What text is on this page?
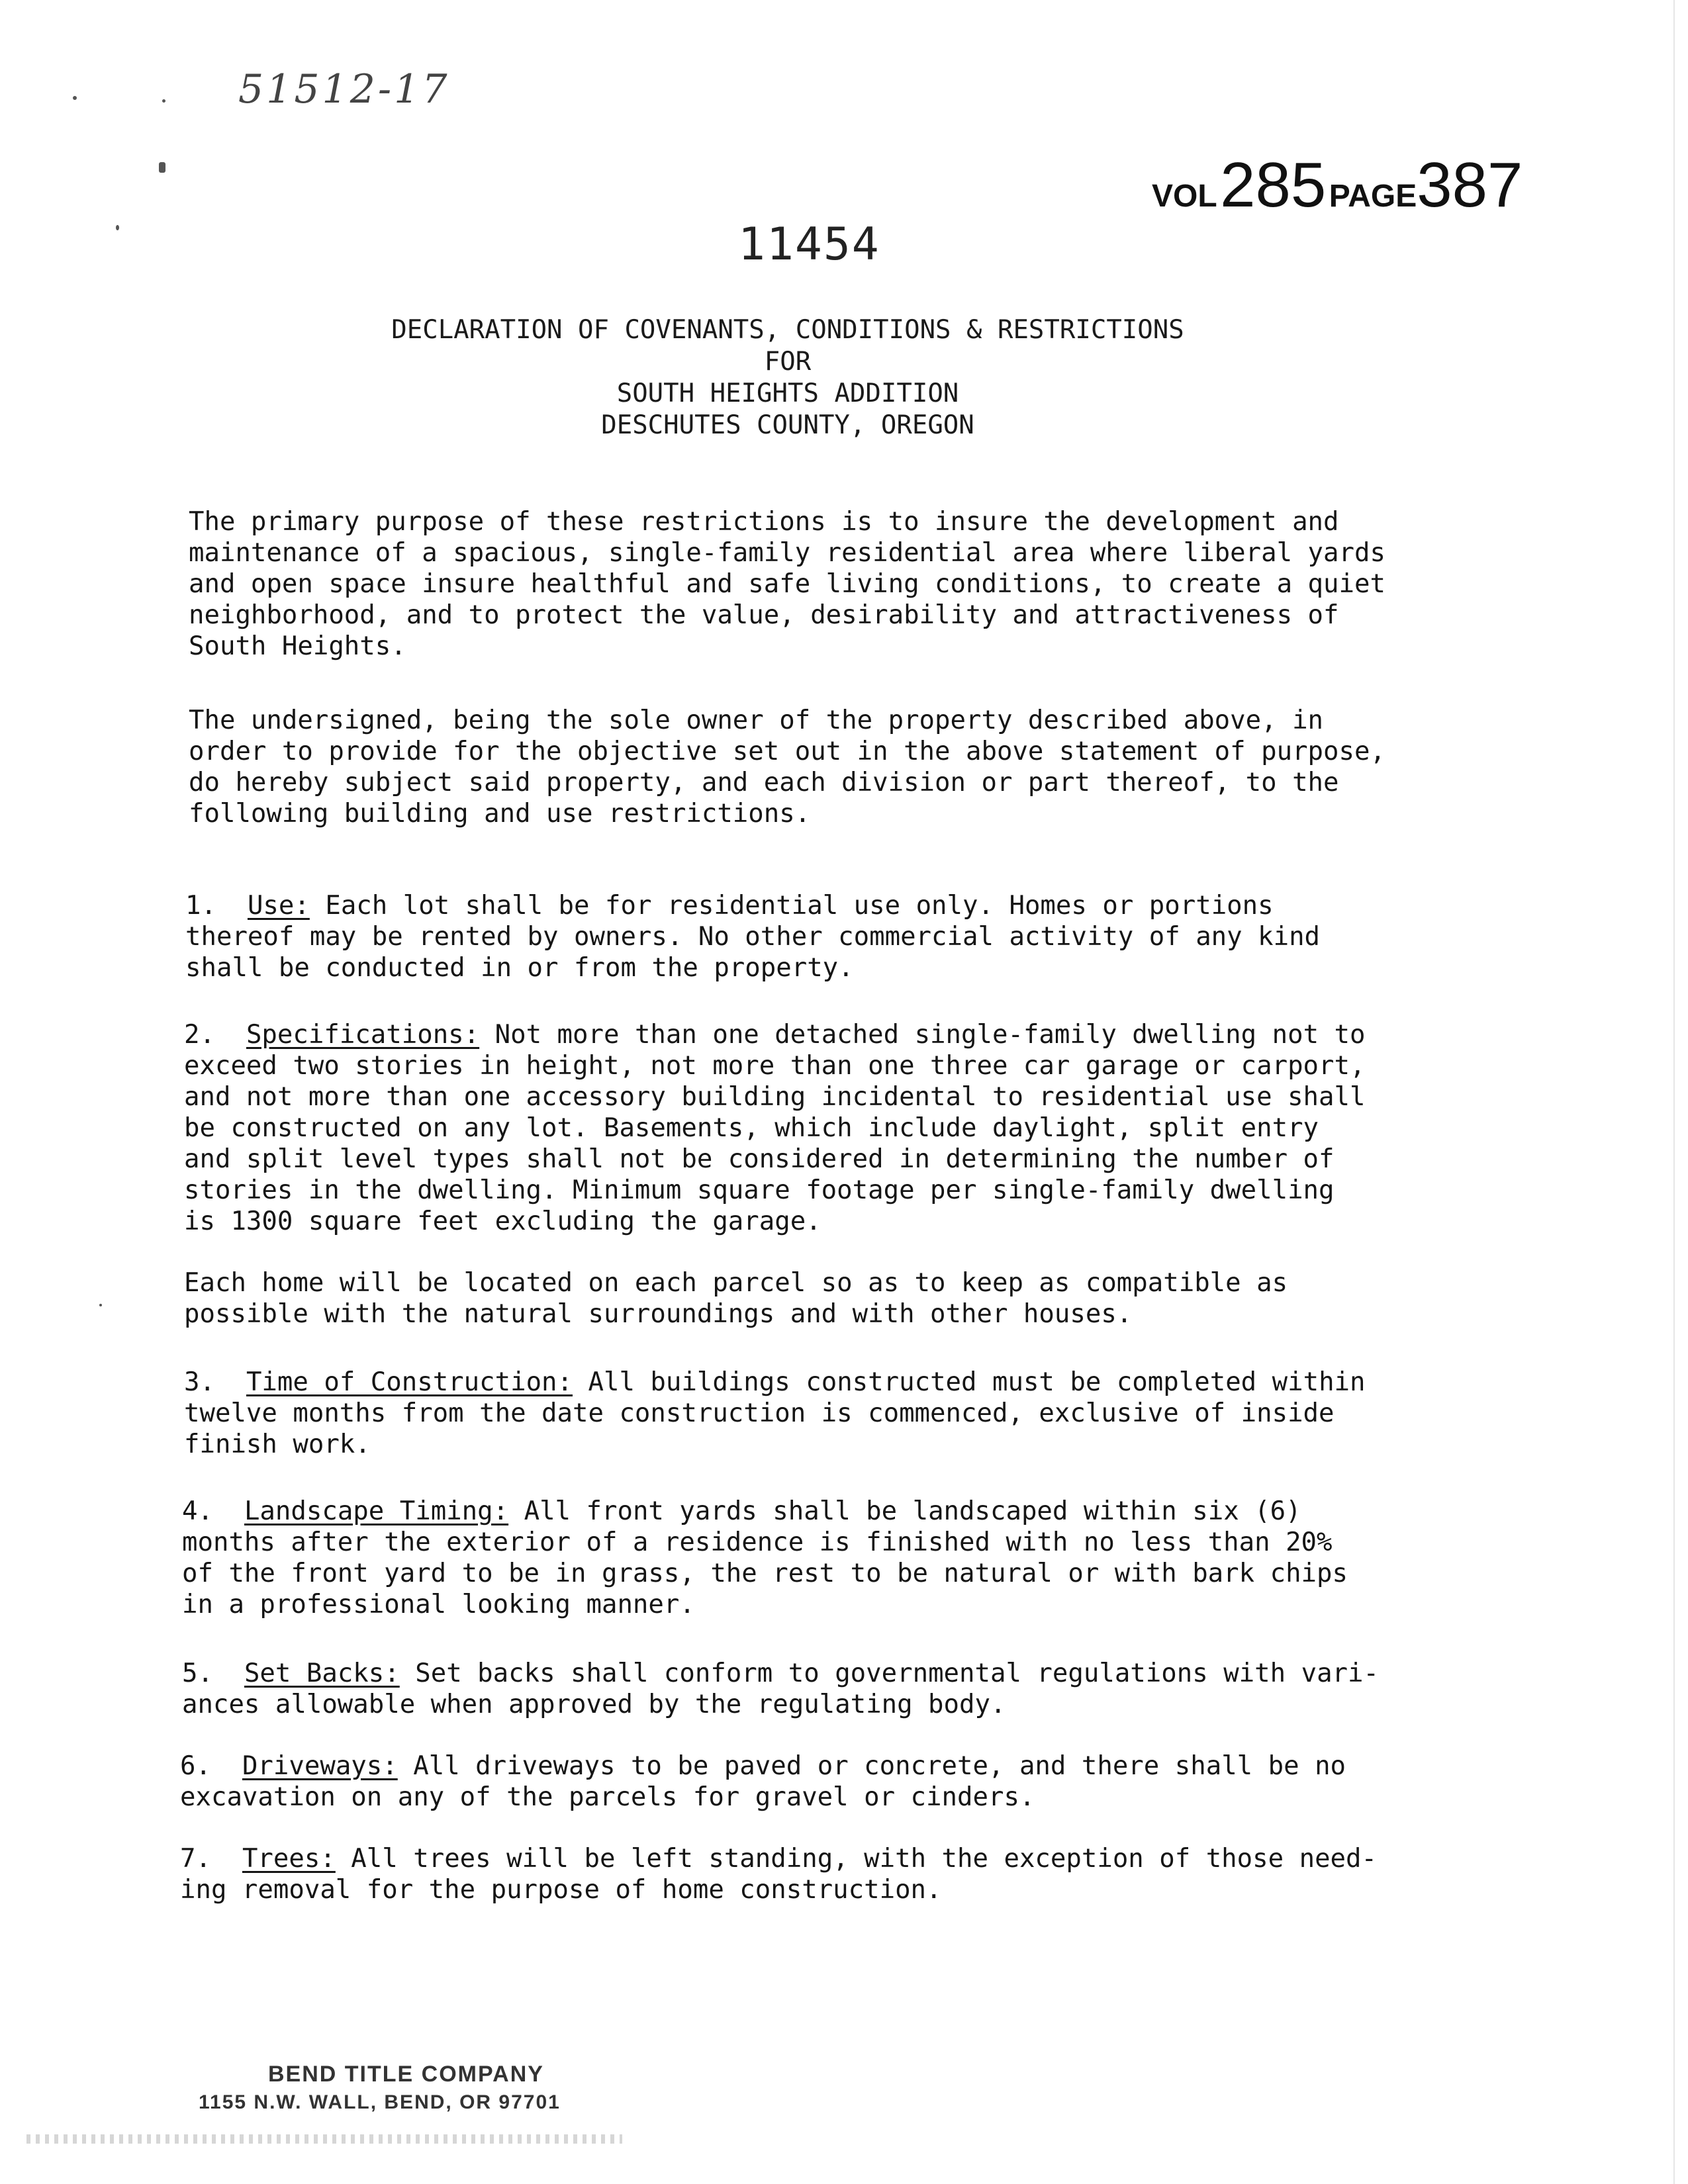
51512-17
VOL 285 PAGE387
11454
DECLARATION OF COVENANTS, CONDITIONS & RESTRICTIONS
FOR
SOUTH HEIGHTS ADDITION
DESCHUTES COUNTY, OREGON
The primary purpose of these restrictions is to insure the development and
maintenance of a spacious, single-family residential area where liberal yards
and open space insure healthful and safe living conditions, to create a quiet
neighborhood, and to protect the value, desirability and attractiveness of
South Heights.
The undersigned, being the sole owner of the property described above, in
order to provide for the objective set out in the above statement of purpose,
do hereby subject said property, and each division or part thereof, to the
following building and use restrictions.
1. Use: Each lot shall be for residential use only. Homes or portions
thereof may be rented by owners. No other commercial activity of any kind
shall be conducted in or from the property.
2. Specifications: Not more than one detached single-family dwelling not to
exceed two stories in height, not more than one three car garage or carport,
and not more than one accessory building incidental to residential use shall
be constructed on any lot. Basements, which include daylight, split entry
and split level types shall not be considered in determining the number of
stories in the dwelling. Minimum square footage per single-family dwelling
is 1300 square feet excluding the garage.
Each home will be located on each parcel so as to keep as compatible as
possible with the natural surroundings and with other houses.
3. Time of Construction: All buildings constructed must be completed within
twelve months from the date construction is commenced, exclusive of inside
finish work.
4. Landscape Timing: All front yards shall be landscaped within six (6)
months after the exterior of a residence is finished with no less than 20%
of the front yard to be in grass, the rest to be natural or with bark chips
in a professional looking manner.
5. Set Backs: Set backs shall conform to governmental regulations with vari-
ances allowable when approved by the regulating body.
6. Driveways: All driveways to be paved or concrete, and there shall be no
excavation on any of the parcels for gravel or cinders.
7. Trees: All trees will be left standing, with the exception of those need-
ing removal for the purpose of home construction.
BEND TITLE COMPANY
1155 N.W. WALL, BEND, OR 97701
